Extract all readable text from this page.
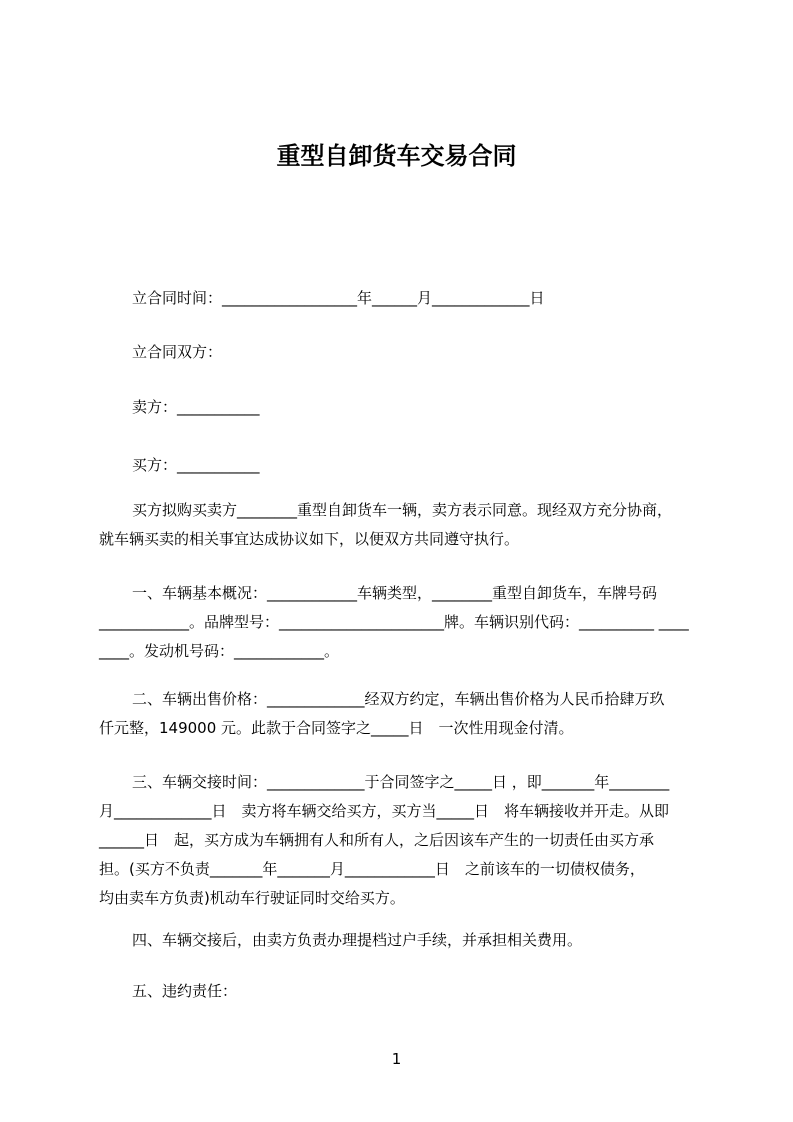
重型自卸货车交易合同
立合同时间：__________________年______月_____________日
立合同双方：
卖方：___________
买方：___________
买方拟购买卖方________重型自卸货车一辆，卖方表示同意。现经双方充分协商，
就车辆买卖的相关事宜达成协议如下，以便双方共同遵守执行。
一、车辆基本概况：____________车辆类型，________重型自卸货车，车牌号码
____________。品牌型号：______________________牌。车辆识别代码：__________ ____
____。发动机号码：____________。
二、车辆出售价格：_____________经双方约定，车辆出售价格为人民币拾肆万玖
仟元整，149000 元。此款于合同签字之_____日　一次性用现金付清。
三、车辆交接时间：_____________于合同签字之_____日 ，即_______年________
月_____________日　卖方将车辆交给买方，买方当_____日　将车辆接收并开走。从即
______日　起，买方成为车辆拥有人和所有人，之后因该车产生的一切责任由买方承
担。(买方不负责_______年_______月____________日　之前该车的一切债权债务，
均由卖车方负责)机动车行驶证同时交给买方。
四、车辆交接后，由卖方负责办理提档过户手续，并承担相关费用。
五、违约责任：
1
